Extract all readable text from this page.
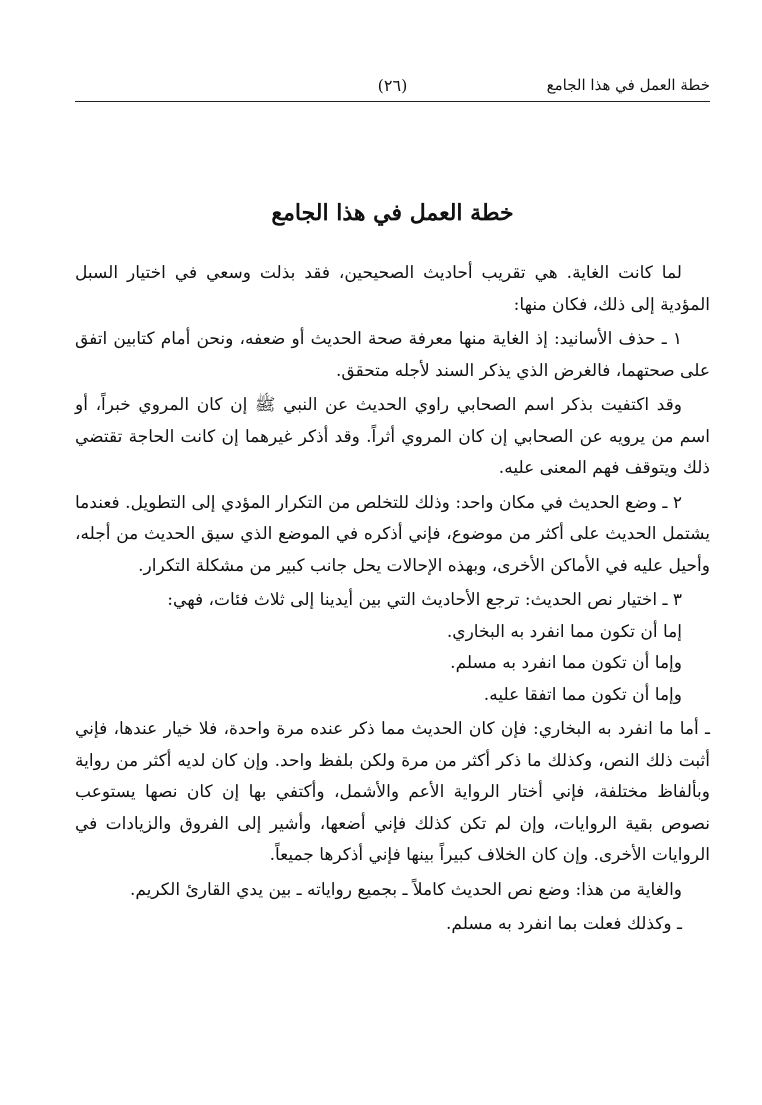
خطة العمل في هذا الجامع
(٢٦)
خطة العمل في هذا الجامع

لما كانت الغاية. هي تقريب أحاديث الصحيحين، فقد بذلت وسعي في اختيار السبل المؤدية إلى ذلك، فكان منها:

١ ـ حذف الأسانيد: إذ الغاية منها معرفة صحة الحديث أو ضعفه، ونحن أمام كتابين اتفق على صحتهما، فالغرض الذي يذكر السند لأجله متحقق.

وقد اكتفيت بذكر اسم الصحابي راوي الحديث عن النبي ﷺ إن كان المروي خبراً، أو اسم من يرويه عن الصحابي إن كان المروي أثراً. وقد أذكر غيرهما إن كانت الحاجة تقتضي ذلك ويتوقف فهم المعنى عليه.

٢ ـ وضع الحديث في مكان واحد: وذلك للتخلص من التكرار المؤدي إلى التطويل. فعندما يشتمل الحديث على أكثر من موضوع، فإني أذكره في الموضع الذي سيق الحديث من أجله، وأحيل عليه في الأماكن الأخرى، وبهذه الإحالات يحل جانب كبير من مشكلة التكرار.

٣ ـ اختيار نص الحديث: ترجع الأحاديث التي بين أيدينا إلى ثلاث فئات، فهي:

إما أن تكون مما انفرد به البخاري.

وإما أن تكون مما انفرد به مسلم.

وإما أن تكون مما اتفقا عليه.

ـ أما ما انفرد به البخاري: فإن كان الحديث مما ذكر عنده مرة واحدة، فلا خيار عندها، فإني أثبت ذلك النص، وكذلك ما ذكر أكثر من مرة ولكن بلفظ واحد. وإن كان لديه أكثر من رواية وبألفاظ مختلفة، فإني أختار الرواية الأعم والأشمل، وأكتفي بها إن كان نصها يستوعب نصوص بقية الروايات، وإن لم تكن كذلك فإني أضعها، وأشير إلى الفروق والزيادات في الروايات الأخرى. وإن كان الخلاف كبيراً بينها فإني أذكرها جميعاً.

والغاية من هذا: وضع نص الحديث كاملاً ـ بجميع رواياته ـ بين يدي القارئ الكريم.

ـ وكذلك فعلت بما انفرد به مسلم.
